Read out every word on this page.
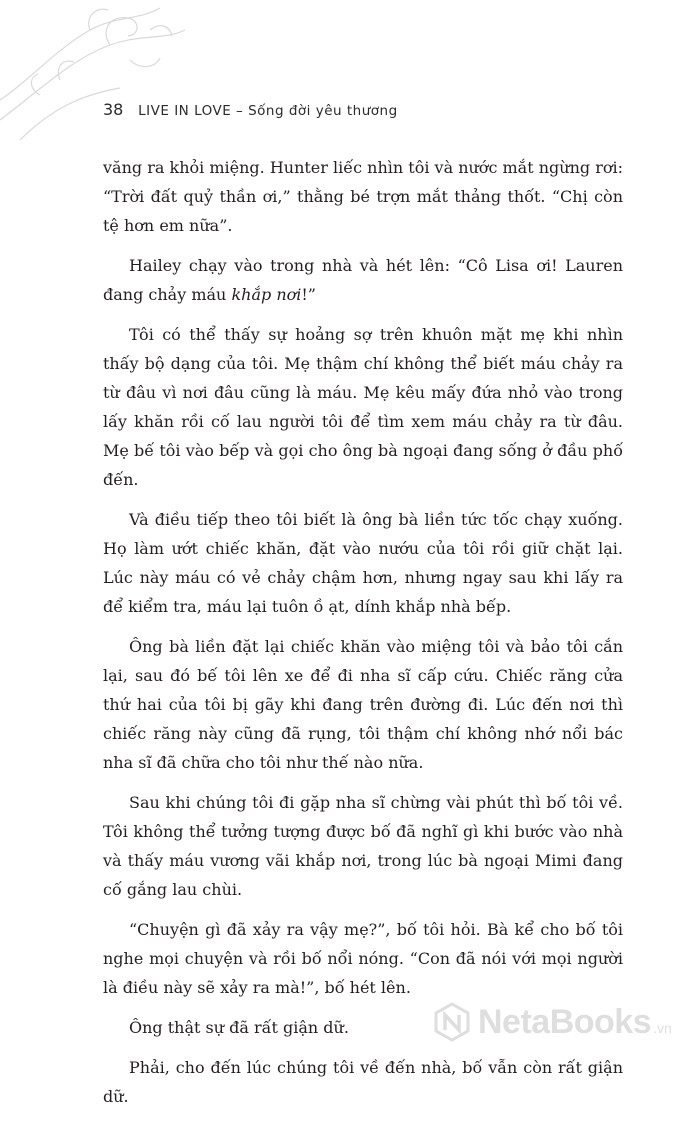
38 LIVE IN LOVE – Sống đời yêu thương

văng ra khỏi miệng. Hunter liếc nhìn tôi và nước mắt ngừng rơi: “Trời đất quỷ thần ơi,” thằng bé trợn mắt thảng thốt. “Chị còn tệ hơn em nữa”.

Hailey chạy vào trong nhà và hét lên: “Cô Lisa ơi! Lauren đang chảy máu khắp nơi!”

Tôi có thể thấy sự hoảng sợ trên khuôn mặt mẹ khi nhìn thấy bộ dạng của tôi. Mẹ thậm chí không thể biết máu chảy ra từ đâu vì nơi đâu cũng là máu. Mẹ kêu mấy đứa nhỏ vào trong lấy khăn rồi cố lau người tôi để tìm xem máu chảy ra từ đâu. Mẹ bế tôi vào bếp và gọi cho ông bà ngoại đang sống ở đầu phố đến.

Và điều tiếp theo tôi biết là ông bà liền tức tốc chạy xuống. Họ làm ướt chiếc khăn, đặt vào nướu của tôi rồi giữ chặt lại. Lúc này máu có vẻ chảy chậm hơn, nhưng ngay sau khi lấy ra để kiểm tra, máu lại tuôn ồ ạt, dính khắp nhà bếp.

Ông bà liền đặt lại chiếc khăn vào miệng tôi và bảo tôi cắn lại, sau đó bế tôi lên xe để đi nha sĩ cấp cứu. Chiếc răng cửa thứ hai của tôi bị gãy khi đang trên đường đi. Lúc đến nơi thì chiếc răng này cũng đã rụng, tôi thậm chí không nhớ nổi bác nha sĩ đã chữa cho tôi như thế nào nữa.

Sau khi chúng tôi đi gặp nha sĩ chừng vài phút thì bố tôi về. Tôi không thể tưởng tượng được bố đã nghĩ gì khi bước vào nhà và thấy máu vương vãi khắp nơi, trong lúc bà ngoại Mimi đang cố gắng lau chùi.

“Chuyện gì đã xảy ra vậy mẹ?”, bố tôi hỏi. Bà kể cho bố tôi nghe mọi chuyện và rồi bố nổi nóng. “Con đã nói với mọi người là điều này sẽ xảy ra mà!”, bố hét lên.

Ông thật sự đã rất giận dữ.

Phải, cho đến lúc chúng tôi về đến nhà, bố vẫn còn rất giận dữ.

NetaBooks .vn
